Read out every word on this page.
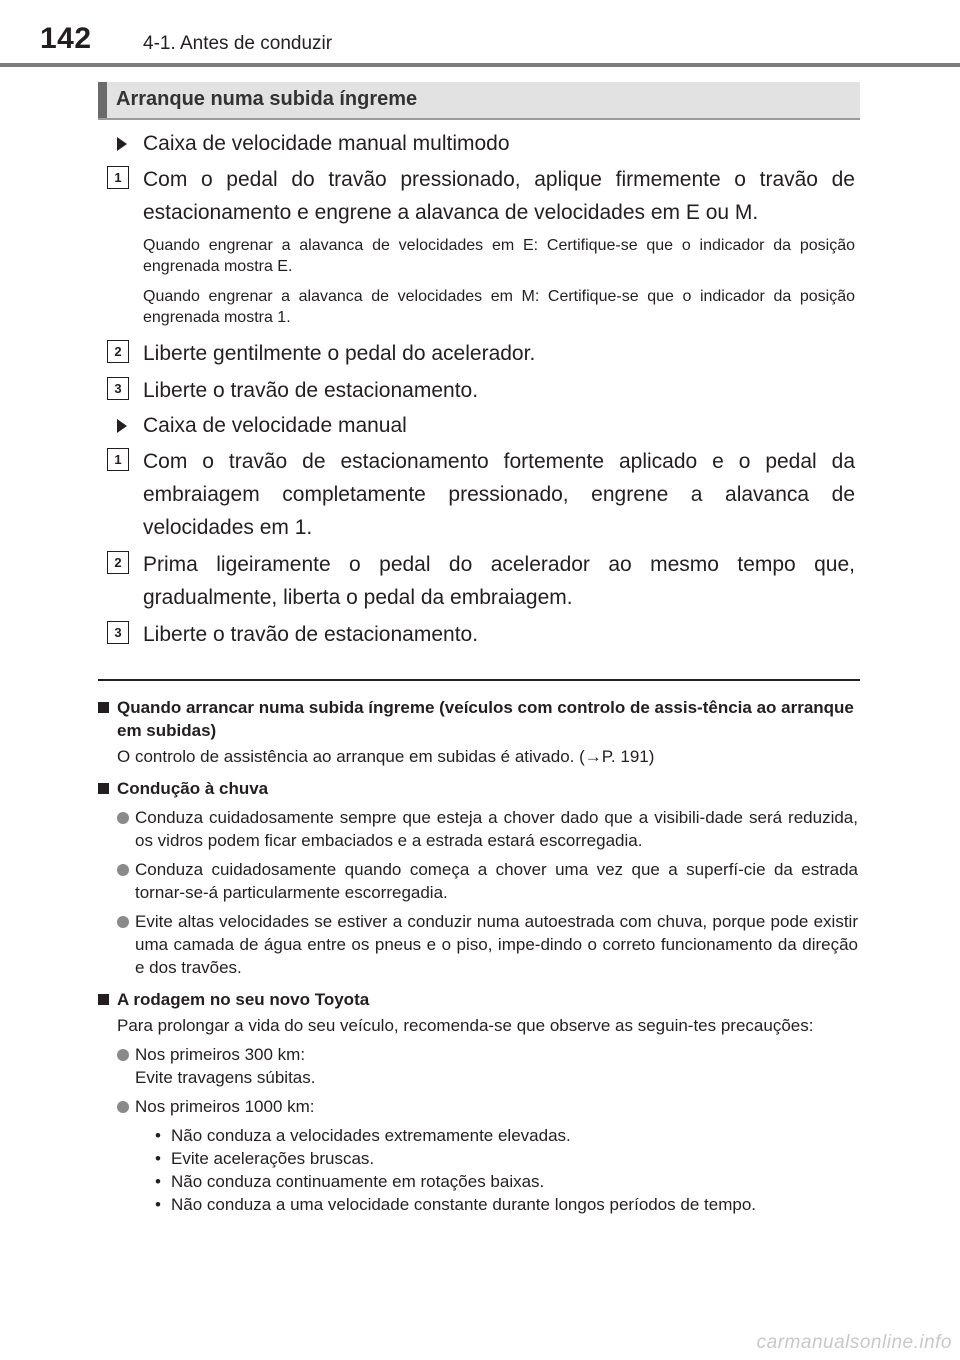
142	4-1. Antes de conduzir
Arranque numa subida íngreme
Caixa de velocidade manual multimodo
1	Com o pedal do travão pressionado, aplique firmemente o travão de estacionamento e engrene a alavanca de velocidades em E ou M.
Quando engrenar a alavanca de velocidades em E: Certifique-se que o indicador da posição engrenada mostra E.
Quando engrenar a alavanca de velocidades em M: Certifique-se que o indicador da posição engrenada mostra 1.
2	Liberte gentilmente o pedal do acelerador.
3	Liberte o travão de estacionamento.
Caixa de velocidade manual
1	Com o travão de estacionamento fortemente aplicado e o pedal da embraiagem completamente pressionado, engrene a alavanca de velocidades em 1.
2	Prima ligeiramente o pedal do acelerador ao mesmo tempo que, gradualmente, liberta o pedal da embraiagem.
3	Liberte o travão de estacionamento.
Quando arrancar numa subida íngreme (veículos com controlo de assis-tência ao arranque em subidas)
O controlo de assistência ao arranque em subidas é ativado. (→P. 191)
Condução à chuva
Conduza cuidadosamente sempre que esteja a chover dado que a visibili-dade será reduzida, os vidros podem ficar embaciados e a estrada estará escorregadia.
Conduza cuidadosamente quando começa a chover uma vez que a superfí-cie da estrada tornar-se-á particularmente escorregadia.
Evite altas velocidades se estiver a conduzir numa autoestrada com chuva, porque pode existir uma camada de água entre os pneus e o piso, impe-dindo o correto funcionamento da direção e dos travões.
A rodagem no seu novo Toyota
Para prolongar a vida do seu veículo, recomenda-se que observe as seguin-tes precauções:
Nos primeiros 300 km:
Evite travagens súbitas.
Nos primeiros 1000 km:
• Não conduza a velocidades extremamente elevadas.
• Evite acelerações bruscas.
• Não conduza continuamente em rotações baixas.
• Não conduza a uma velocidade constante durante longos períodos de tempo.
carmanualsonline.info
